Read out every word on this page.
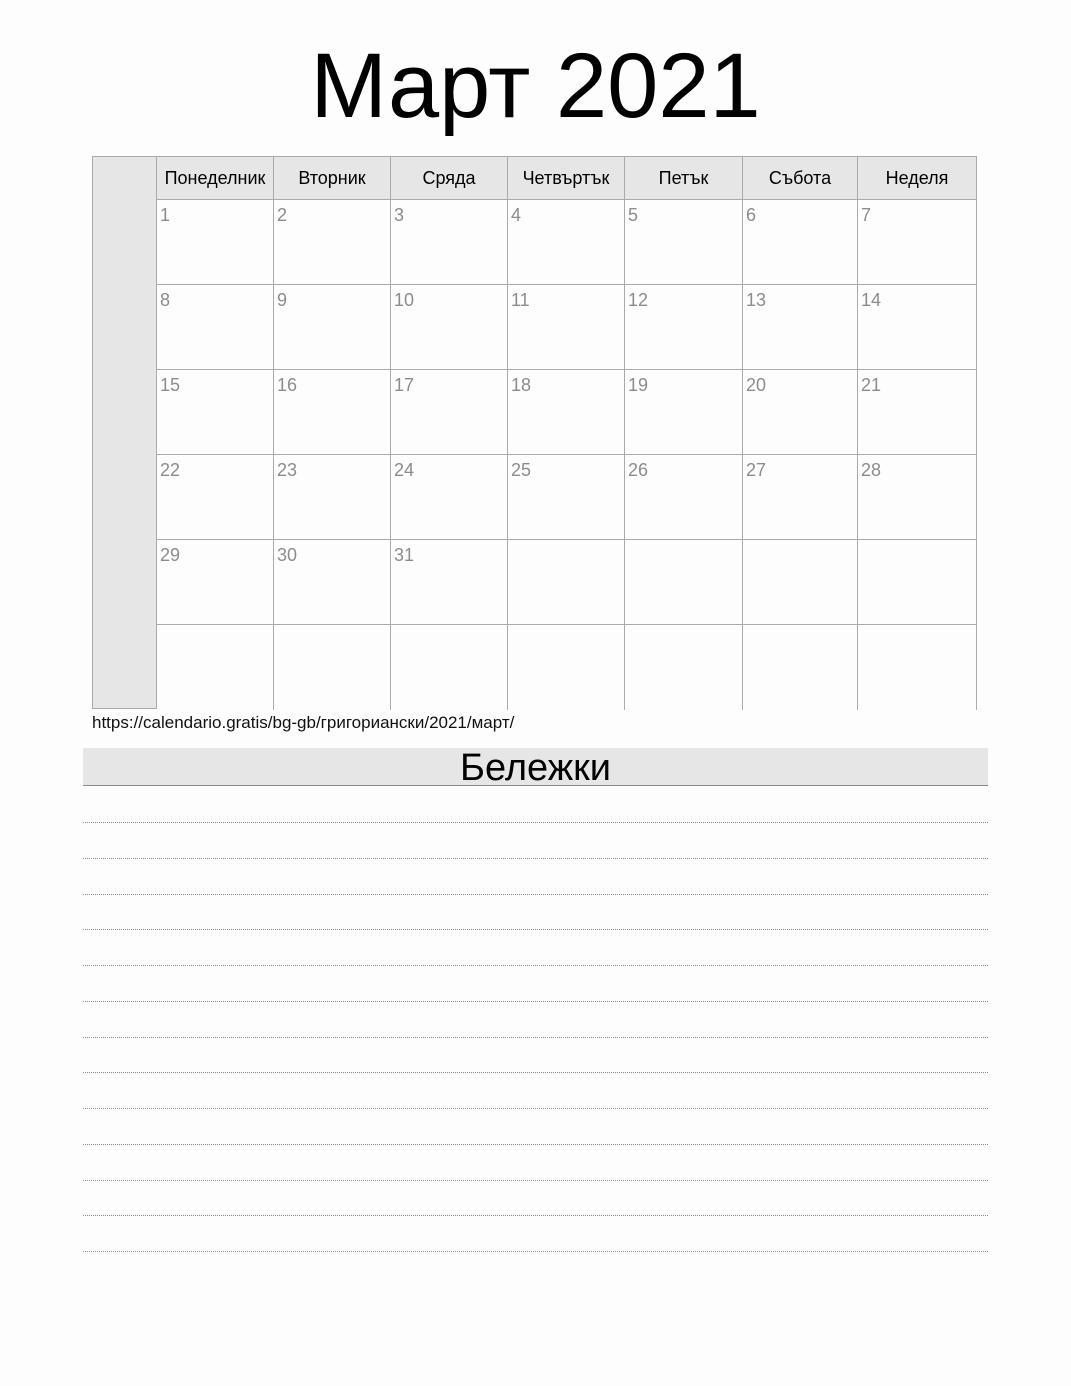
Март 2021
Понеделник	Вторник	Сряда	Четвъртък	Петък	Събота	Неделя
1	2	3	4	5	6	7
8	9	10	11	12	13	14
15	16	17	18	19	20	21
22	23	24	25	26	27	28
29	30	31
https://calendario.gratis/bg-gb/григориански/2021/март/
Бележки
